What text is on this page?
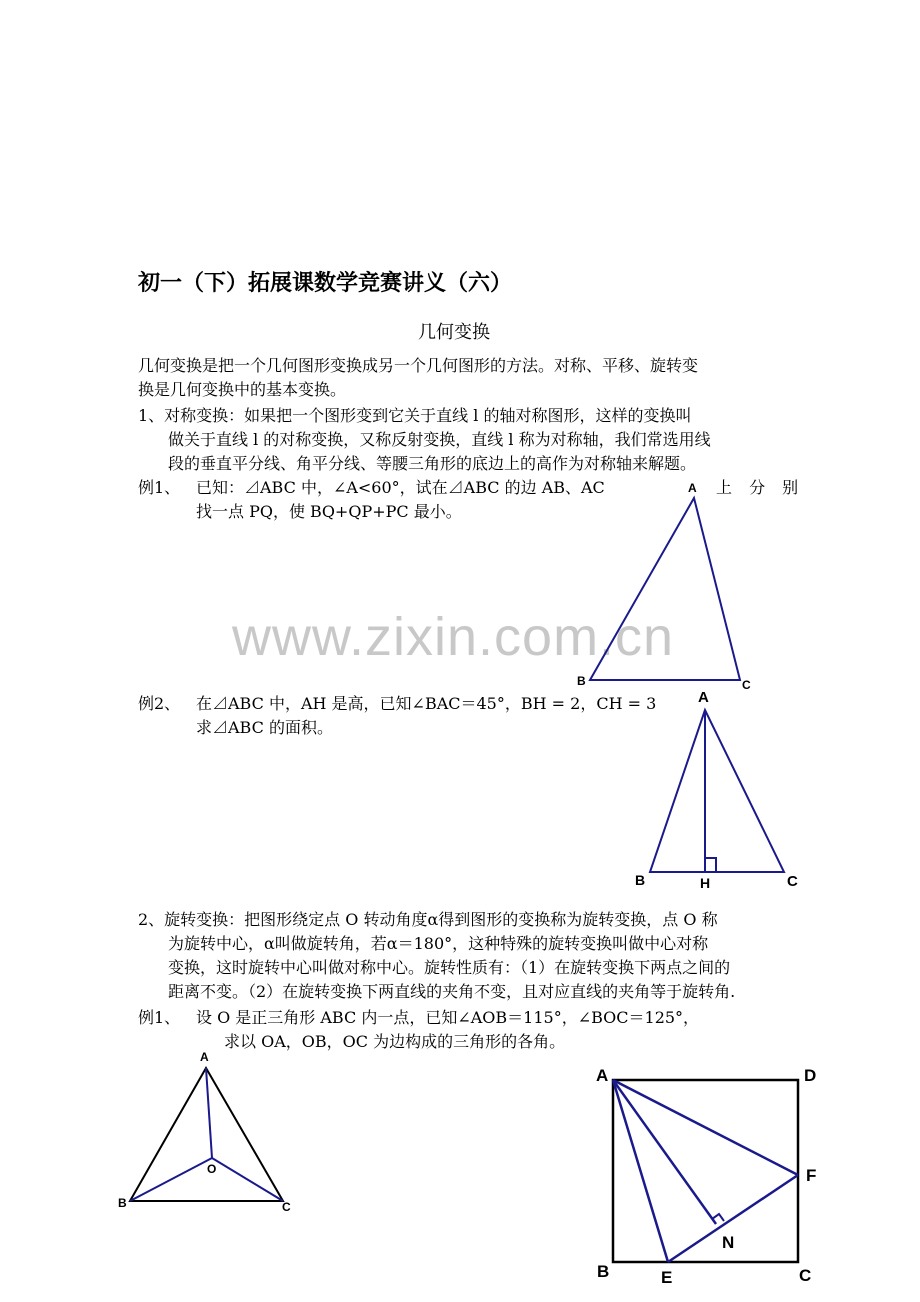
初一（下）拓展课数学竞赛讲义（六）
几何变换
几何变换是把一个几何图形变换成另一个几何图形的方法。对称、平移、旋转变
换是几何变换中的基本变换。
1、对称变换：如果把一个图形变到它关于直线 l 的轴对称图形，这样的变换叫
做关于直线 l 的对称变换，又称反射变换，直线 l 称为对称轴，我们常选用线
段的垂直平分线、角平分线、等腰三角形的底边上的高作为对称轴来解题。
例1、 已知：⊿ABC 中，∠A<60°，试在⊿ABC 的边 AB、AC	上 分 别
找一点 PQ，使 BQ+QP+PC 最小。
例2、 在⊿ABC 中，AH 是高，已知∠BAC＝45°，BH = 2，CH = 3
求⊿ABC 的面积。
2、旋转变换：把图形绕定点 O 转动角度α得到图形的变换称为旋转变换，点 O 称
为旋转中心，α叫做旋转角，若α＝180°，这种特殊的旋转变换叫做中心对称
变换，这时旋转中心叫做对称中心。旋转性质有：（1）在旋转变换下两点之间的
距离不变。（2）在旋转变换下两直线的夹角不变，且对应直线的夹角等于旋转角.
例1、 设 O 是正三角形 ABC 内一点，已知∠AOB＝115°，∠BOC＝125°，
求以 OA，OB，OC 为边构成的三角形的各角。
www.zixin.com.cn
A
B	C
A
B	C
H
A
B	C
O
A	D
F
N
B	E	C
